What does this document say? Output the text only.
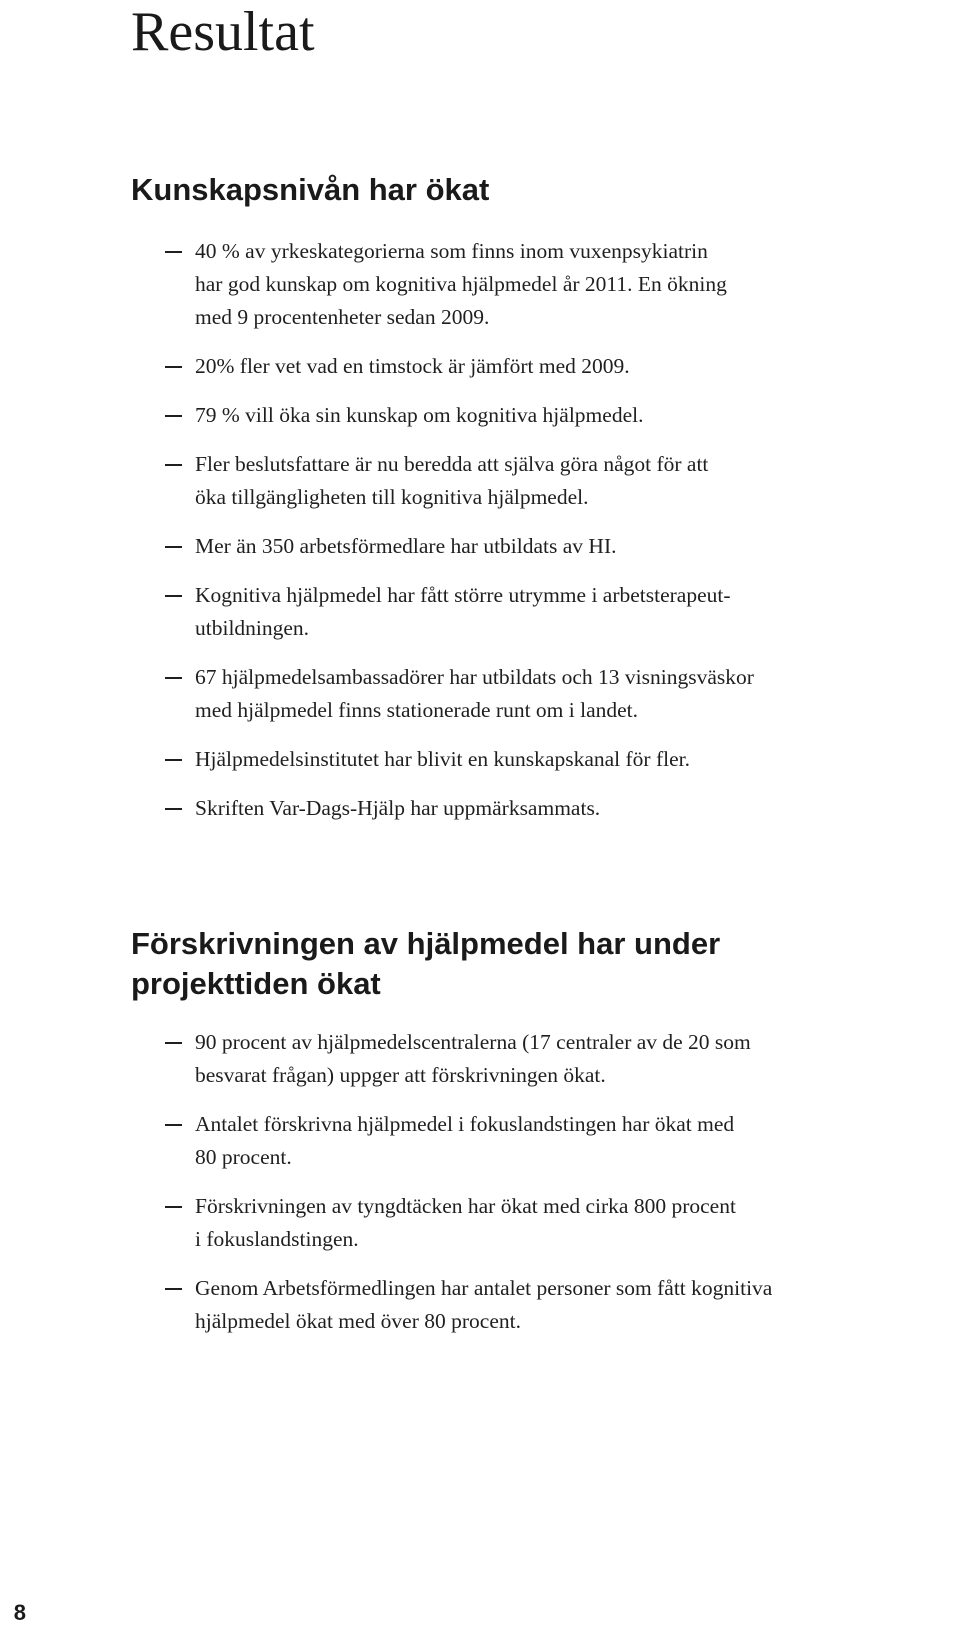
Resultat
Kunskapsnivån har ökat
40 % av yrkeskategorierna som finns inom vuxenpsykiatrin
har god kunskap om kognitiva hjälpmedel år 2011. En ökning
med 9 procentenheter sedan 2009.
20% fler vet vad en timstock är jämfört med 2009.
79 % vill öka sin kunskap om kognitiva hjälpmedel.
Fler beslutsfattare är nu beredda att själva göra något för att
öka tillgängligheten till kognitiva hjälpmedel.
Mer än 350 arbetsförmedlare har utbildats av HI.
Kognitiva hjälpmedel har fått större utrymme i arbetsterapeut-
utbildningen.
67 hjälpmedelsambassadörer har utbildats och 13 visningsväskor
med hjälpmedel finns stationerade runt om i landet.
Hjälpmedelsinstitutet har blivit en kunskapskanal för fler.
Skriften Var-Dags-Hjälp har uppmärksammats.
Förskrivningen av hjälpmedel har under
projekttiden ökat
90 procent av hjälpmedelscentralerna (17 centraler av de 20 som
besvarat frågan) uppger att förskrivningen ökat.
Antalet förskrivna hjälpmedel i fokuslandstingen har ökat med
80 procent.
Förskrivningen av tyngdtäcken har ökat med cirka 800 procent
i fokuslandstingen.
Genom Arbetsförmedlingen har antalet personer som fått kognitiva
hjälpmedel ökat med över 80 procent.
8
